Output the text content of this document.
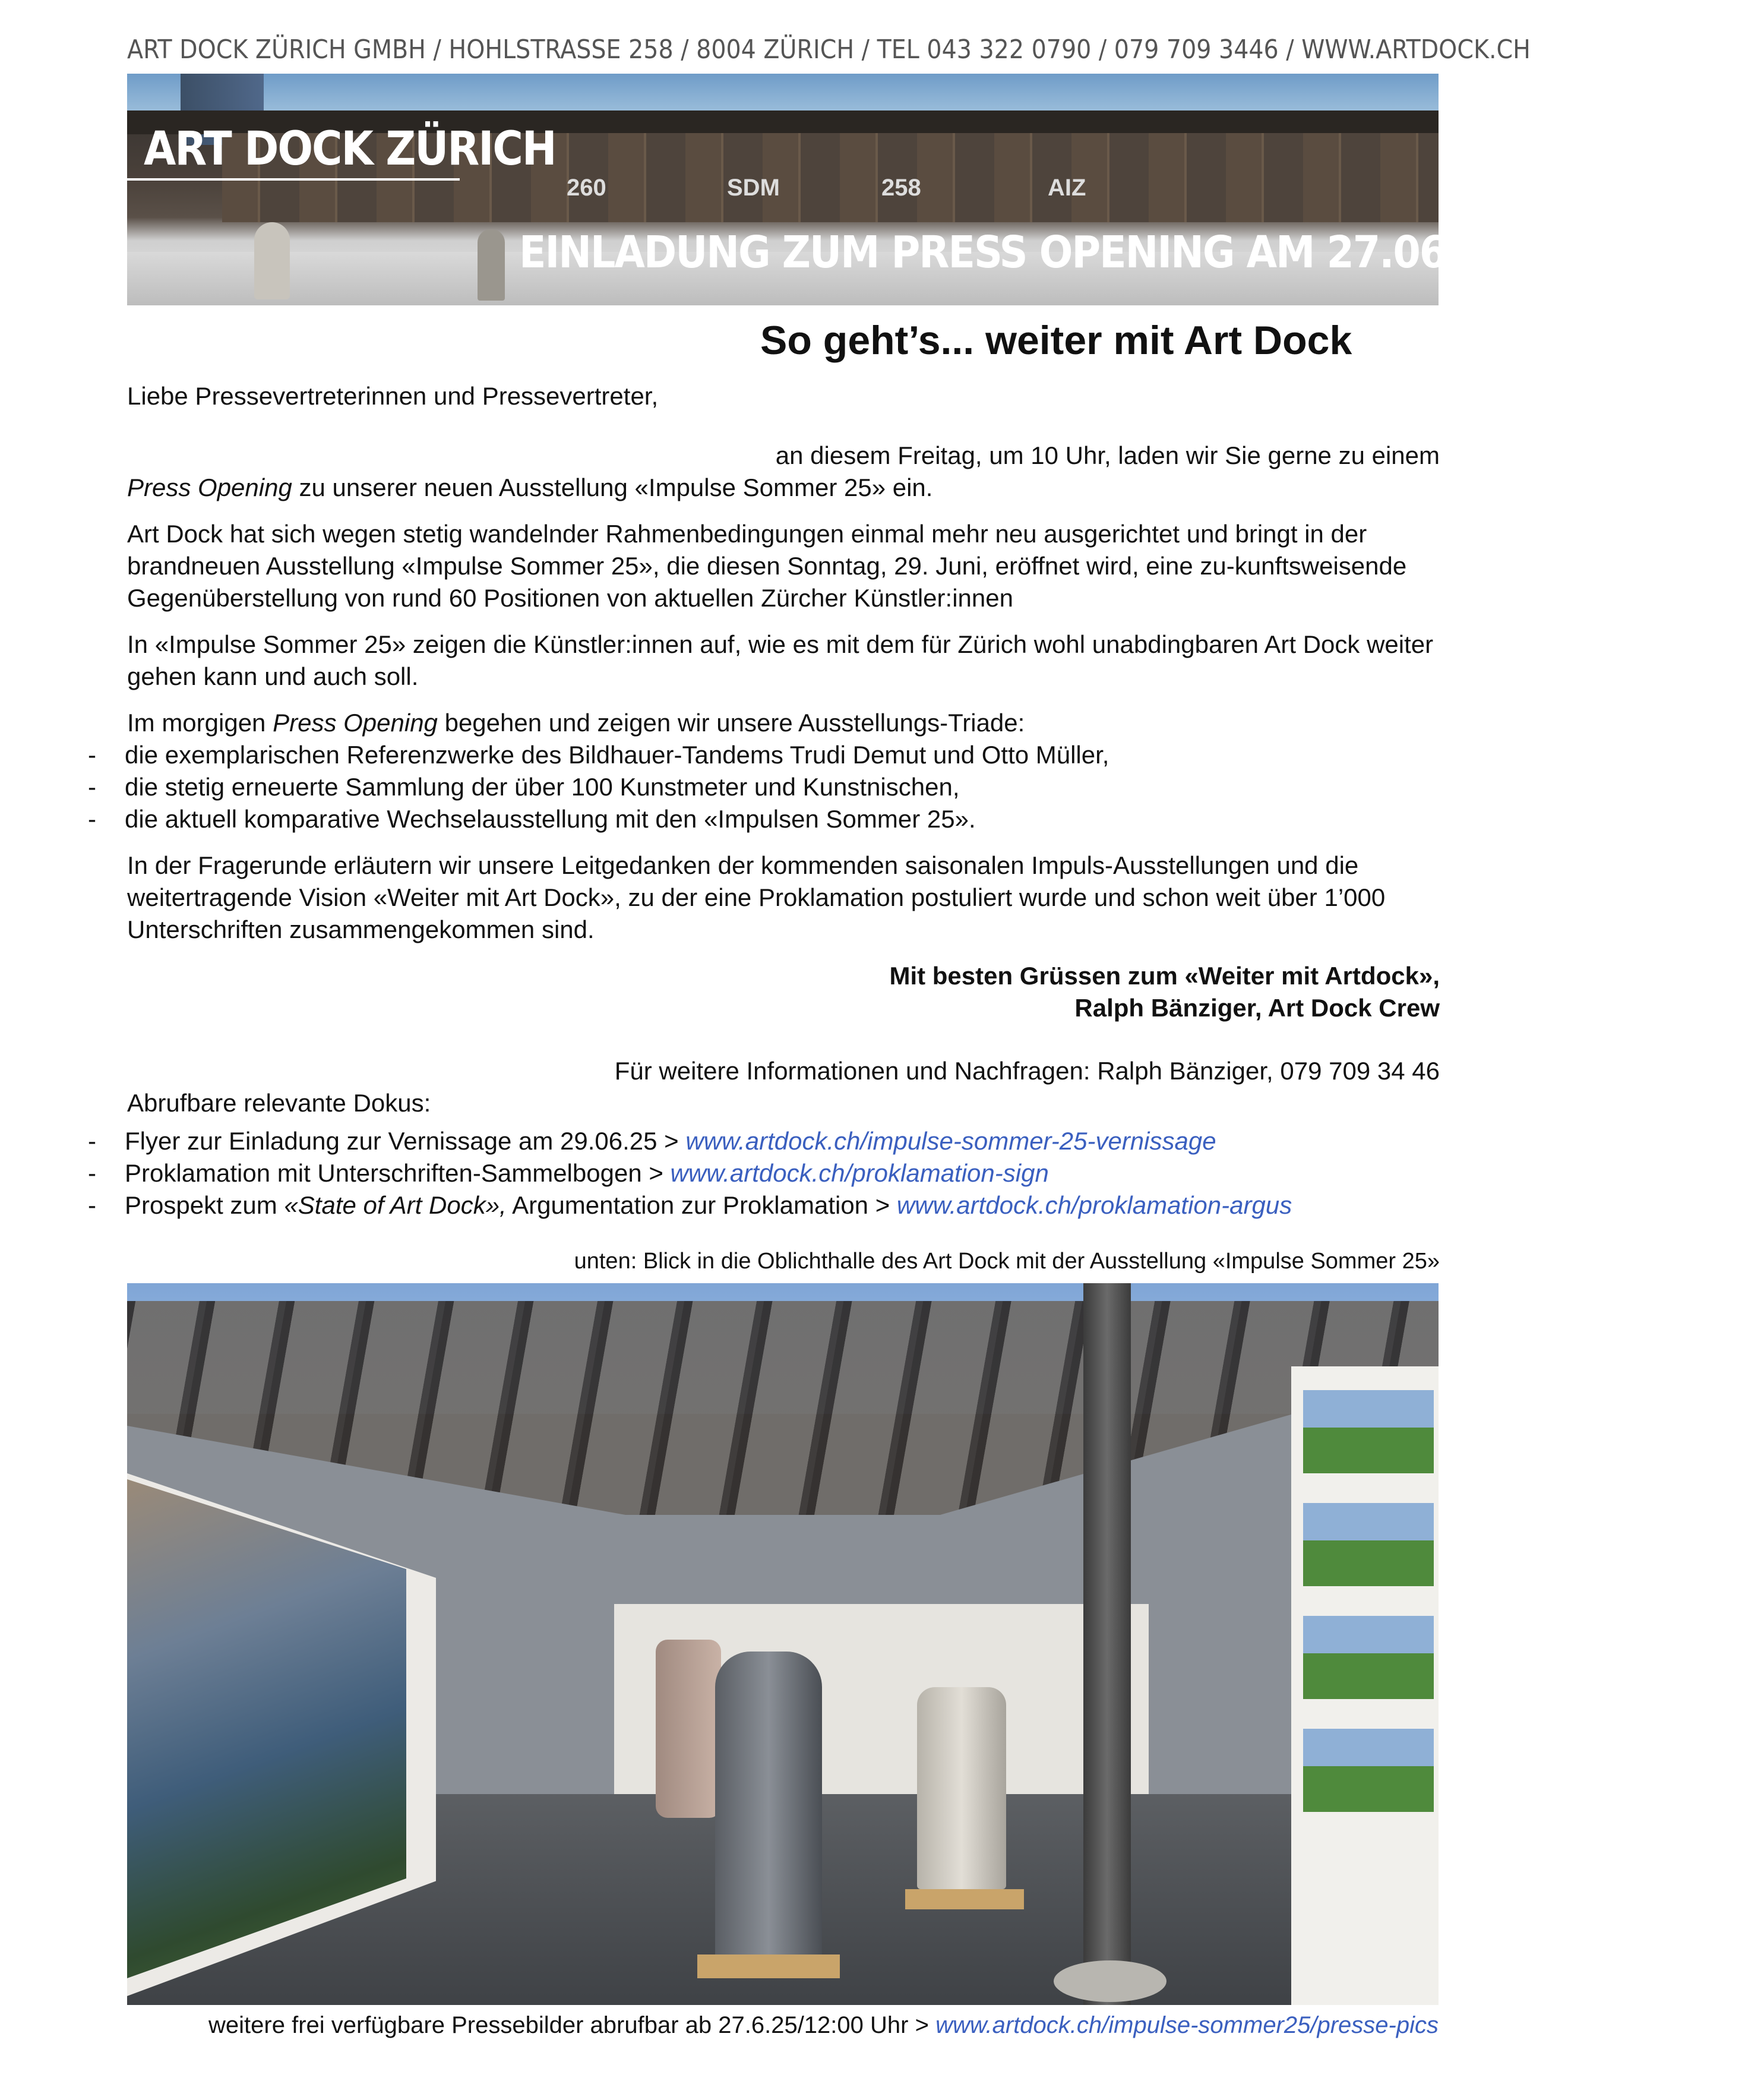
ART DOCK ZÜRICH GMBH / HOHLSTRASSE 258 / 8004 ZÜRICH / TEL 043 322 0790 / 079 709 3446 / WWW.ARTDOCK.CH
260	SDM	258	AIZ
ART DOCK ZÜRICH
EINLADUNG ZUM PRESS OPENING AM 27.06.25 UM 10 UHR
So geht’s... weiter mit Art Dock
Liebe Pressevertreterinnen und Pressevertreter,
an diesem Freitag, um 10 Uhr, laden wir Sie gerne zu einem
Press Opening zu unserer neuen Ausstellung «Impulse Sommer 25» ein.
Art Dock hat sich wegen stetig wandelnder Rahmenbedingungen einmal mehr neu ausgerichtet und bringt in der brandneuen Ausstellung «Impulse Sommer 25», die diesen Sonntag, 29. Juni, eröffnet wird, eine zu-kunftsweisende Gegenüberstellung von rund 60 Positionen von aktuellen Zürcher Künstler:innen
In «Impulse Sommer 25» zeigen die Künstler:innen auf, wie es mit dem für Zürich wohl unabdingbaren Art Dock weiter gehen kann und auch soll.
Im morgigen Press Opening begehen und zeigen wir unsere Ausstellungs-Triade:
-	die exemplarischen Referenzwerke des Bildhauer-Tandems Trudi Demut und Otto Müller,
-	die stetig erneuerte Sammlung der über 100 Kunstmeter und Kunstnischen,
-	die aktuell komparative Wechselausstellung mit den «Impulsen Sommer 25».
In der Fragerunde erläutern wir unsere Leitgedanken der kommenden saisonalen Impuls-Ausstellungen und die weitertragende Vision «Weiter mit Art Dock», zu der eine Proklamation postuliert wurde und schon weit über 1’000 Unterschriften zusammengekommen sind.
Mit besten Grüssen zum «Weiter mit Artdock»,
Ralph Bänziger, Art Dock Crew
Für weitere Informationen und Nachfragen: Ralph Bänziger, 079 709 34 46
Abrufbare relevante Dokus:
-	Flyer zur Einladung zur Vernissage am 29.06.25 > www.artdock.ch/impulse-sommer-25-vernissage
-	Proklamation mit Unterschriften-Sammelbogen > www.artdock.ch/proklamation-sign
-	Prospekt zum «State of Art Dock», Argumentation zur Proklamation > www.artdock.ch/proklamation-argus
unten: Blick in die Oblichthalle des Art Dock mit der Ausstellung «Impulse Sommer 25»
weitere frei verfügbare Pressebilder abrufbar ab 27.6.25/12:00 Uhr > www.artdock.ch/impulse-sommer25/presse-pics
